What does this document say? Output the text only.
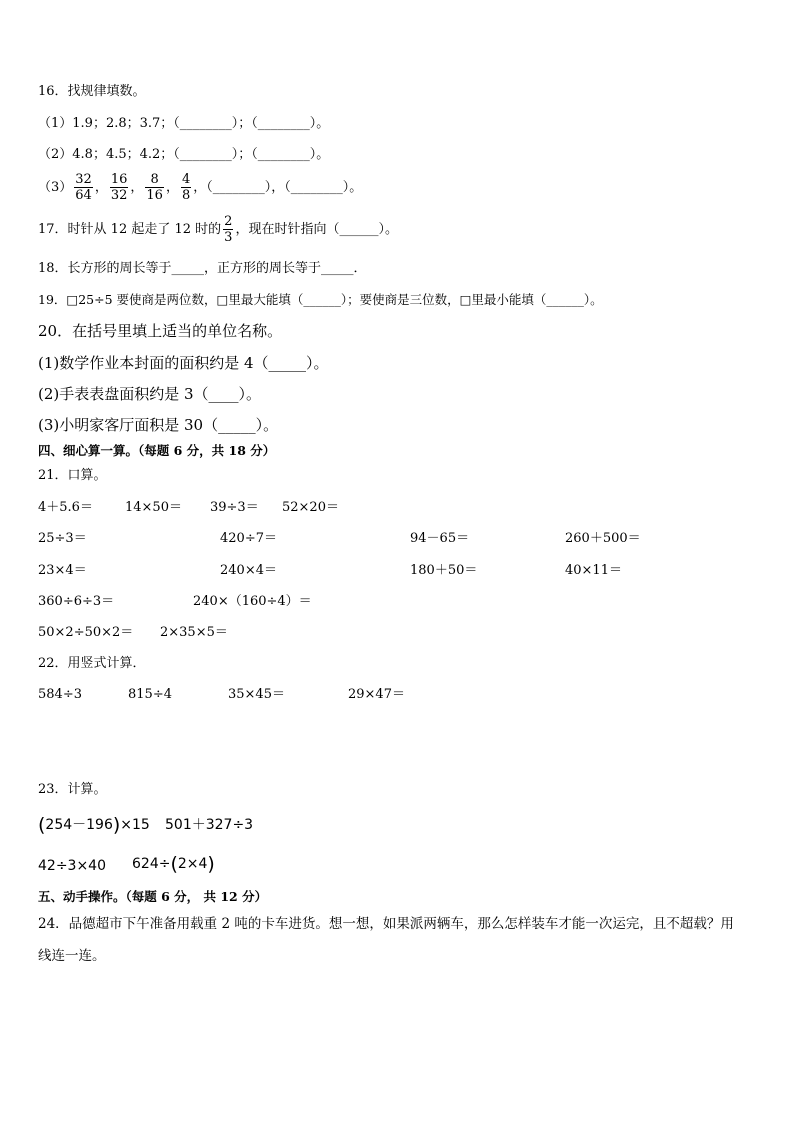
16．找规律填数。
（1）1.9；2.8；3.7；（________）；（________）。
（2）4.8；4.5；4.2；（________）；（________）。
$(3) \frac{32}{64}$ ， $\frac{16}{32}$ ， $\frac{8}{16}$ ， $\frac{4}{8}$ ，（________），（________）。
17．时针从 12 起走了 12 时的 $\frac{2}{3}$ ，现在时针指向（______）。
18．长方形的周长等于_____，正方形的周长等于_____．
19．□25÷5 要使商是两位数，□里最大能填（______）；要使商是三位数，□里最小能填（______）。
20．在括号里填上适当的单位名称。
(1)数学作业本封面的面积约是 4（_____）。
(2)手表表盘面积约是 3（____）。
(3)小明家客厅面积是 30（_____）。
四、细心算一算。（每题 6 分，共 18 分）
21．口算。
4＋5.6＝ 14×50＝ 39÷3＝ 52×20＝
25÷3＝	420÷7＝	94－65＝	260＋500＝
23×4＝	240×4＝	180＋50＝	40×11＝
360÷6÷3＝	240×（160÷4）＝
50×2÷50×2＝ 2×35×5＝
22．用竖式计算．
584÷3	815÷4	35×45＝	29×47＝
23．计算。
(254－196)×15 501＋327÷3
42÷3×40 624÷(2×4)
五、动手操作。（每题 6 分， 共 12 分）
24．品德超市下午准备用载重 2 吨的卡车进货。想一想，如果派两辆车，那么怎样装车才能一次运完，且不超载？用
线连一连。
